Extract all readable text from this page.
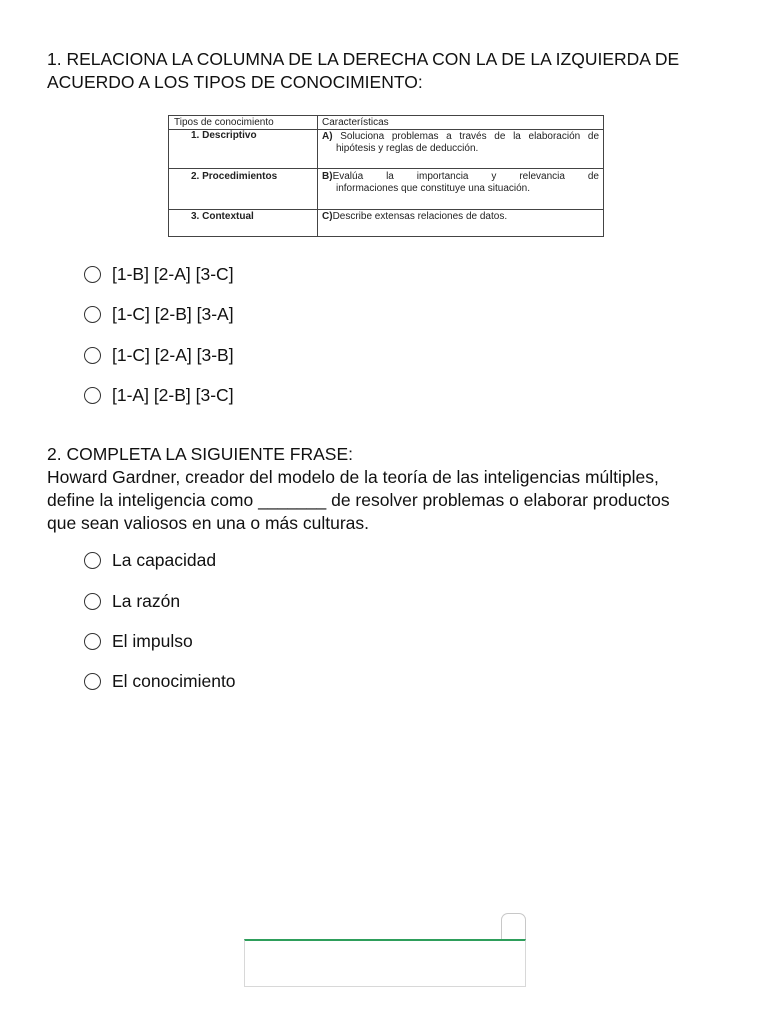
1. RELACIONA LA COLUMNA DE LA DERECHA CON LA DE LA IZQUIERDA DE
ACUERDO A LOS TIPOS DE CONOCIMIENTO:
Tipos de conocimiento	Características
1. Descriptivo	A) Soluciona problemas a través de la elaboración de
hipótesis y reglas de deducción.
2. Procedimientos	B)Evalúa la importancia y relevancia de
informaciones que constituye una situación.
3. Contextual	C)Describe extensas relaciones de datos.
[1-B] [2-A] [3-C]
[1-C] [2-B] [3-A]
[1-C] [2-A] [3-B]
[1-A] [2-B] [3-C]
2. COMPLETA LA SIGUIENTE FRASE:
Howard Gardner, creador del modelo de la teoría de las inteligencias múltiples,
define la inteligencia como _______ de resolver problemas o elaborar productos
que sean valiosos en una o más culturas.
La capacidad
La razón
El impulso
El conocimiento
